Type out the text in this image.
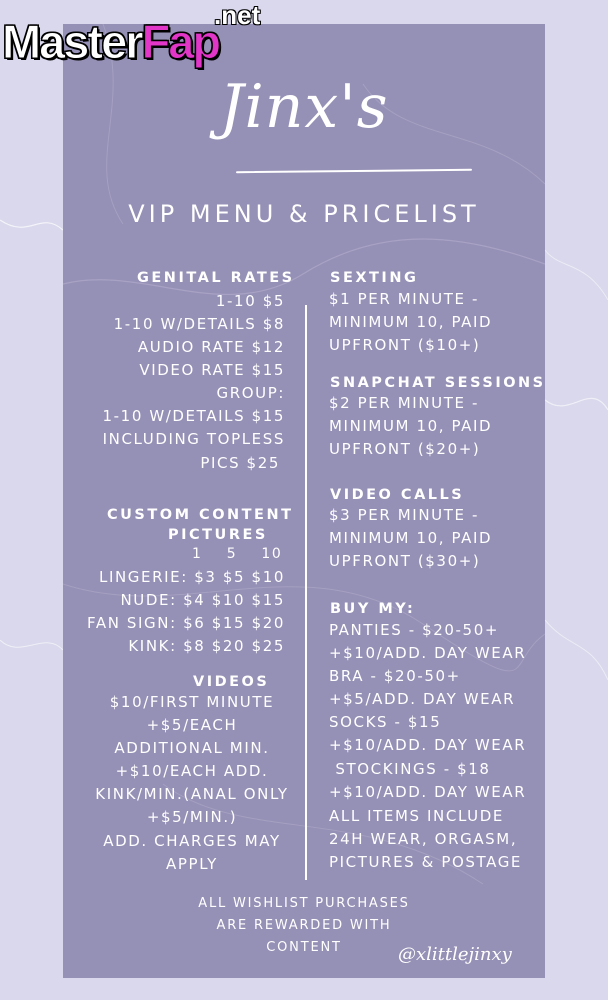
.net
MasterFap
Jinx's
VIP MENU & PRICELIST
GENITAL RATES
1-10 $5
1-10 W/DETAILS $8
AUDIO RATE $12
VIDEO RATE $15
GROUP:
1-10 W/DETAILS $15
INCLUDING TOPLESS
PICS $25
CUSTOM CONTENT
PICTURES
1    5    10
LINGERIE: $3 $5 $10
NUDE: $4 $10 $15
FAN SIGN: $6 $15 $20
KINK: $8 $20 $25
VIDEOS
$10/FIRST MINUTE
+$5/EACH
ADDITIONAL MIN.
+$10/EACH ADD.
KINK/MIN.(ANAL ONLY
+$5/MIN.)
ADD. CHARGES MAY
APPLY
SEXTING
$1 PER MINUTE -
MINIMUM 10, PAID
UPFRONT ($10+)
SNAPCHAT SESSIONS
$2 PER MINUTE -
MINIMUM 10, PAID
UPFRONT ($20+)
VIDEO CALLS
$3 PER MINUTE -
MINIMUM 10, PAID
UPFRONT ($30+)
BUY MY:
PANTIES - $20-50+
+$10/ADD. DAY WEAR
BRA - $20-50+
+$5/ADD. DAY WEAR
SOCKS - $15
+$10/ADD. DAY WEAR
STOCKINGS - $18
+$10/ADD. DAY WEAR
ALL ITEMS INCLUDE
24H WEAR, ORGASM,
PICTURES & POSTAGE
ALL WISHLIST PURCHASES
ARE REWARDED WITH
CONTENT	@xlittlejinxy
